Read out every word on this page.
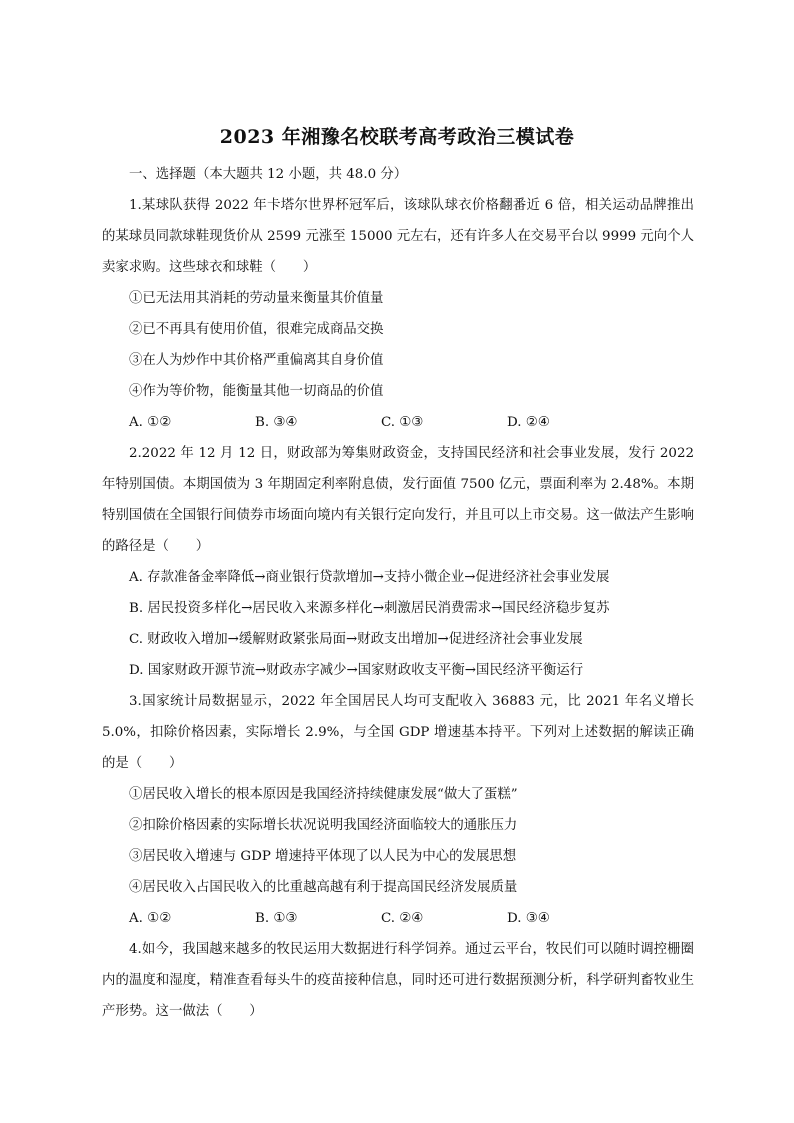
2023 年湘豫名校联考高考政治三模试卷
一、选择题（本大题共 12 小题，共 48.0 分）

1.某球队获得 2022 年卡塔尔世界杯冠军后，该球队球衣价格翻番近 6 倍，相关运动品牌推出的某球员同款球鞋现货价从 2599 元涨至 15000 元左右，还有许多人在交易平台以 9999 元向个人卖家求购。这些球衣和球鞋（　　）

①已无法用其消耗的劳动量来衡量其价值量
②已不再具有使用价值，很难完成商品交换
③在人为炒作中其价格严重偏离其自身价值
④作为等价物，能衡量其他一切商品的价值
A. ①②	B. ③④	C. ①③	D. ②④

2.2022 年 12 月 12 日，财政部为筹集财政资金，支持国民经济和社会事业发展，发行 2022 年特别国债。本期国债为 3 年期固定利率附息债，发行面值 7500 亿元，票面利率为 2.48%。本期特别国债在全国银行间债券市场面向境内有关银行定向发行，并且可以上市交易。这一做法产生影响的路径是（　　）

A. 存款准备金率降低→商业银行贷款增加→支持小微企业→促进经济社会事业发展
B. 居民投资多样化→居民收入来源多样化→刺激居民消费需求→国民经济稳步复苏
C. 财政收入增加→缓解财政紧张局面→财政支出增加→促进经济社会事业发展
D. 国家财政开源节流→财政赤字减少→国家财政收支平衡→国民经济平衡运行

3.国家统计局数据显示，2022 年全国居民人均可支配收入 36883 元，比 2021 年名义增长 5.0%，扣除价格因素，实际增长 2.9%，与全国 GDP 增速基本持平。下列对上述数据的解读正确的是（　　）

①居民收入增长的根本原因是我国经济持续健康发展“做大了蛋糕”
②扣除价格因素的实际增长状况说明我国经济面临较大的通胀压力
③居民收入增速与 GDP 增速持平体现了以人民为中心的发展思想
④居民收入占国民收入的比重越高越有利于提高国民经济发展质量
A. ①②	B. ①③	C. ②④	D. ③④

4.如今，我国越来越多的牧民运用大数据进行科学饲养。通过云平台，牧民们可以随时调控栅圈内的温度和湿度，精准查看每头牛的疫苗接种信息，同时还可进行数据预测分析，科学研判畜牧业生产形势。这一做法（　　）
